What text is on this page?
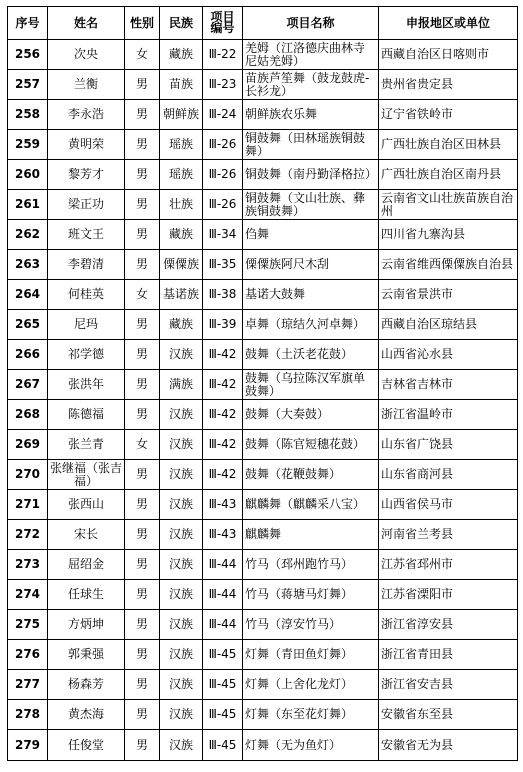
序号	姓名	性别	民族	项目编号	项目名称	申报地区或单位
256	次央	女	藏族	Ⅲ-22	羌姆（江洛德庆曲林寺尼姑羌姆）	西藏自治区日喀则市
257	兰衡	男	苗族	Ⅲ-23	苗族芦笙舞（鼓龙鼓虎-长衫龙）	贵州省贵定县
258	李永浩	男	朝鲜族	Ⅲ-24	朝鲜族农乐舞	辽宁省铁岭市
259	黄明荣	男	瑶族	Ⅲ-26	铜鼓舞（田林瑶族铜鼓舞）	广西壮族自治区田林县
260	黎芳才	男	瑶族	Ⅲ-26	铜鼓舞（南丹勤泽格拉）	广西壮族自治区南丹县
261	梁正功	男	壮族	Ⅲ-26	铜鼓舞（文山壮族、彝族铜鼓舞）	云南省文山壮族苗族自治州
262	班文王	男	藏族	Ⅲ-34	㑇舞	四川省九寨沟县
263	李碧清	男	傈僳族	Ⅲ-35	傈僳族阿尺木刮	云南省维西傈僳族自治县
264	何桂英	女	基诺族	Ⅲ-38	基诺大鼓舞	云南省景洪市
265	尼玛	男	藏族	Ⅲ-39	卓舞（琼结久河卓舞）	西藏自治区琼结县
266	祁学德	男	汉族	Ⅲ-42	鼓舞（土沃老花鼓）	山西省沁水县
267	张洪年	男	满族	Ⅲ-42	鼓舞（乌拉陈汉军旗单鼓舞）	吉林省吉林市
268	陈德福	男	汉族	Ⅲ-42	鼓舞（大奏鼓）	浙江省温岭市
269	张兰青	女	汉族	Ⅲ-42	鼓舞（陈官短穗花鼓）	山东省广饶县
270	张继福（张吉福）	男	汉族	Ⅲ-42	鼓舞（花鞭鼓舞）	山东省商河县
271	张西山	男	汉族	Ⅲ-43	麒麟舞（麒麟采八宝）	山西省侯马市
272	宋长	男	汉族	Ⅲ-43	麒麟舞	河南省兰考县
273	屈绍金	男	汉族	Ⅲ-44	竹马（邳州跑竹马）	江苏省邳州市
274	任球生	男	汉族	Ⅲ-44	竹马（蒋塘马灯舞）	江苏省溧阳市
275	方炳坤	男	汉族	Ⅲ-44	竹马（淳安竹马）	浙江省淳安县
276	郭秉强	男	汉族	Ⅲ-45	灯舞（青田鱼灯舞）	浙江省青田县
277	杨森芳	男	汉族	Ⅲ-45	灯舞（上舍化龙灯）	浙江省安吉县
278	黄杰海	男	汉族	Ⅲ-45	灯舞（东至花灯舞）	安徽省东至县
279	任俊堂	男	汉族	Ⅲ-45	灯舞（无为鱼灯）	安徽省无为县
